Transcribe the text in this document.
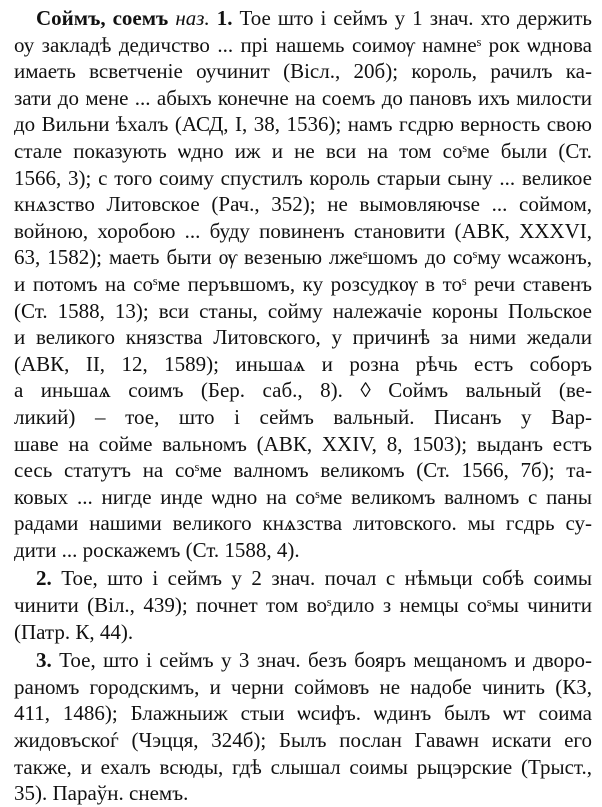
Соймъ, соемъ наз. 1. Тое што і сеймъ у 1 знач. хто держить
оу закладѣ дедичство ... прі нашемь соимѹ намнеˢ рок ѡднова
имаеть всветченіе оучинит (Віcл., 20б); король, рачилъ ка-
зати до мене ... абыхъ конечне на соемъ до пановъ ихъ милости
до Вильни ѣхалъ (АСД, I, 38, 1536); намъ гсдрю верность свою
стале показують ѡдно иж и не вси на том соˢме были (Ст.
1566, 3); с того соиму спустилъ король старыи сыну ... великое
кнѧзство Литовское (Рач., 352); не вымовляючѕе ... соймом,
войною, хоробою ... буду повиненъ становити (АВК, XXXVI,
63, 1582); маеть быти ѹ везеныю лжеˢшомъ до соˢму ѡсажонъ,
и потомъ на соˢме перъвшомъ, ку розсудкѹ в тоˢ речи ставенъ
(Ст. 1588, 13); вси станы, сойму належачіе короны Польское
и великого князства Литовского, у причинѣ за ними жедали
(АВК, II, 12, 1589); иньшаѧ и розна рѣчь естъ соборъ
а иньшаѧ соимъ (Бер. саб., 8). ◊ Соймъ вальный (ве-
ликий) – тое, што і сеймъ вальный. Писанъ у Вар-
шаве на сойме вальномъ (АВК, XXIV, 8, 1503); выданъ естъ
сесь статутъ на соˢме валномъ великомъ (Ст. 1566, 7б); та-
ковых ... нигде инде ѡдно на соˢме великомъ валномъ с паны
радами нашими великого кнѧзства литовского. мы гсдрь су-
дити ... роскажемъ (Ст. 1588, 4).
2. Тое, што і сеймъ у 2 знач. почал с нѣмьци собѣ соимы
чинити (Віл., 439); почнет том воˢдило з немцы соˢмы чинити
(Патр. К, 44).
3. Тое, што і сеймъ у 3 знач. безъ бояръ мещаномъ и дворо-
раномъ городскимъ, и черни соймовъ не надобе чинить (КЗ,
411, 1486); Блажныиж стыи ѡсифъ. ѡдинъ былъ ѡт соима
жидовъскоѓ (Чэцця, 324б); Былъ послан Гаваѡн искати его
также, и ехалъ всюды, гдѣ слышал соимы рыцэрские (Трыст.,
35). Параўн. снемъ.
